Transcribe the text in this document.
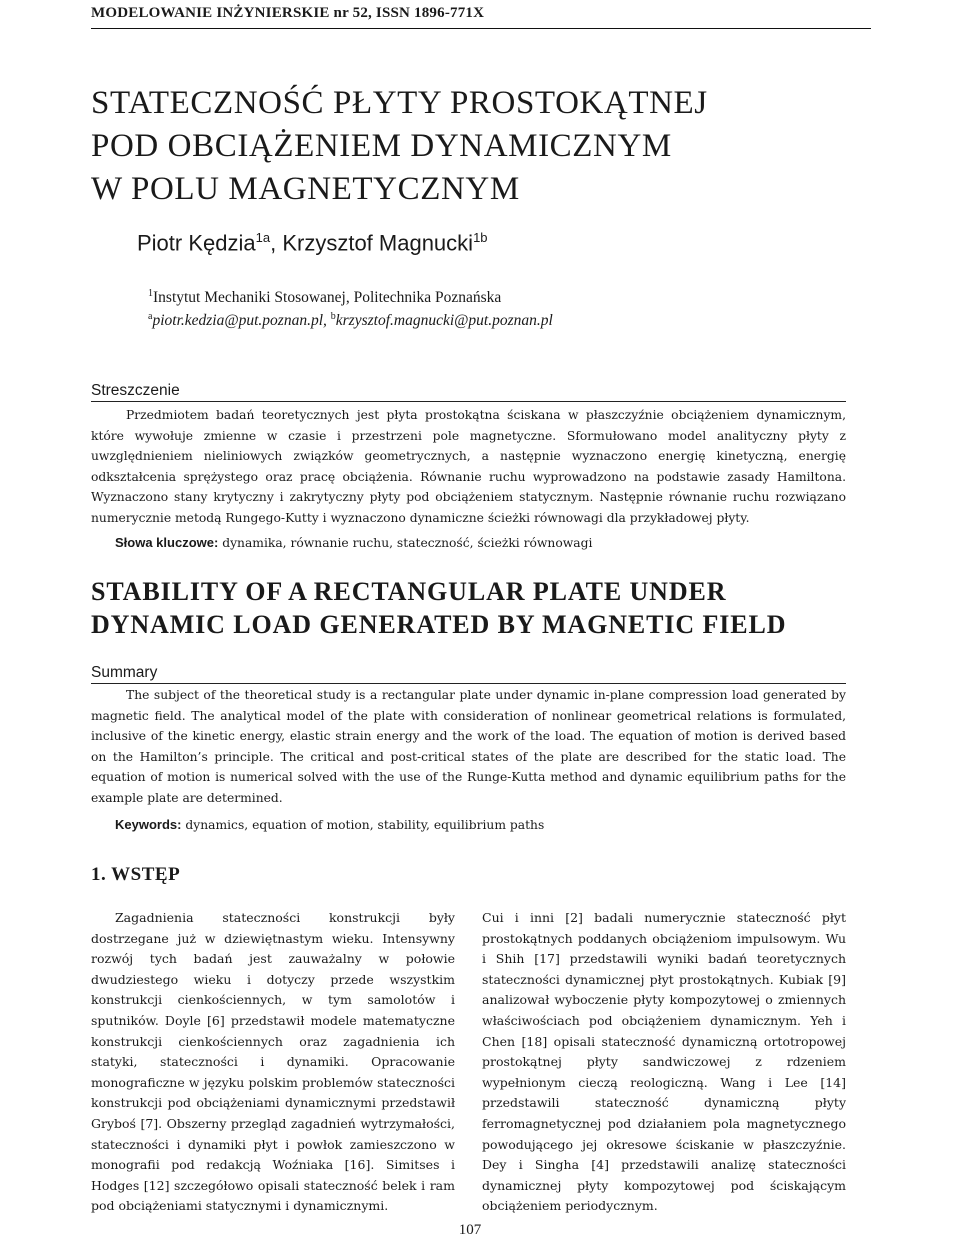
MODELOWANIE INŻYNIERSKIE nr 52, ISSN 1896-771X
STATECZNOŚĆ PŁYTY PROSTOKĄTNEJ
POD OBCIĄŻENIEM DYNAMICZNYM
W POLU MAGNETYCZNYM
Piotr Kędzia$^{1a}$, Krzysztof Magnucki$^{1b}$
$^1$Instytut Mechaniki Stosowanej, Politechnika Poznańska
$^a$piotr.kedzia@put.poznan.pl, $^b$krzysztof.magnucki@put.poznan.pl
Streszczenie

Przedmiotem badań teoretycznych jest płyta prostokątna ściskana w płaszczyźnie obciążeniem dynamicznym, które wywołuje zmienne w czasie i przestrzeni pole magnetyczne. Sformułowano model analityczny płyty z uwzględnieniem nieliniowych związków geometrycznych, a następnie wyznaczono energię kinetyczną, energię odkształcenia sprężystego oraz pracę obciążenia. Równanie ruchu wyprowadzono na podstawie zasady Hamiltona. Wyznaczono stany krytyczny i zakrytyczny płyty pod obciążeniem statycznym. Następnie równanie ruchu rozwiązano numerycznie metodą Rungego-Kutty i wyznaczono dynamiczne ścieżki równowagi dla przykładowej płyty.

Słowa kluczowe: dynamika, równanie ruchu, stateczność, ścieżki równowagi
STABILITY OF A RECTANGULAR PLATE UNDER
DYNAMIC LOAD GENERATED BY MAGNETIC FIELD
Summary

The subject of the theoretical study is a rectangular plate under dynamic in-plane compression load generated by magnetic field. The analytical model of the plate with consideration of nonlinear geometrical relations is formulated, inclusive of the kinetic energy, elastic strain energy and the work of the load. The equation of motion is derived based on the Hamilton’s principle. The critical and post-critical states of the plate are described for the static load. The equation of motion is numerical solved with the use of the Runge-Kutta method and dynamic equilibrium paths for the example plate are determined.

Keywords: dynamics, equation of motion, stability, equilibrium paths
1. WSTĘP

Zagadnienia stateczności konstrukcji były dostrzegane już w dziewiętnastym wieku. Intensywny rozwój tych badań jest zauważalny w połowie dwudziestego wieku i dotyczy przede wszystkim konstrukcji cienkościennych, w tym samolotów i sputników. Doyle [6] przedstawił modele matematyczne konstrukcji cienkościennych oraz zagadnienia ich statyki, stateczności i dynamiki. Opracowanie monograficzne w języku polskim problemów stateczności konstrukcji pod obciążeniami dynamicznymi przedstawił Gryboś [7]. Obszerny przegląd zagadnień wytrzymałości, stateczności i dynamiki płyt i powłok zamieszczono w monografii pod redakcją Woźniaka [16]. Simitses i Hodges [12] szczegółowo opisali stateczność belek i ram pod obciążeniami statycznymi i dynamicznymi.

Cui i inni [2] badali numerycznie stateczność płyt prostokątnych poddanych obciążeniom impulsowym. Wu i Shih [17] przedstawili wyniki badań teoretycznych stateczności dynamicznej płyt prostokątnych. Kubiak [9] analizował wyboczenie płyty kompozytowej o zmiennych właściwościach pod obciążeniem dynamicznym. Yeh i Chen [18] opisali stateczność dynamiczną ortotropowej prostokątnej płyty sandwiczowej z rdzeniem wypełnionym cieczą reologiczną. Wang i Lee [14] przedstawili stateczność dynamiczną płyty ferromagnetycznej pod działaniem pola magnetycznego powodującego jej okresowe ściskanie w płaszczyźnie. Dey i Singha [4] przedstawili analizę stateczności dynamicznej płyty kompozytowej pod ściskającym obciążeniem periodycznym.

107
